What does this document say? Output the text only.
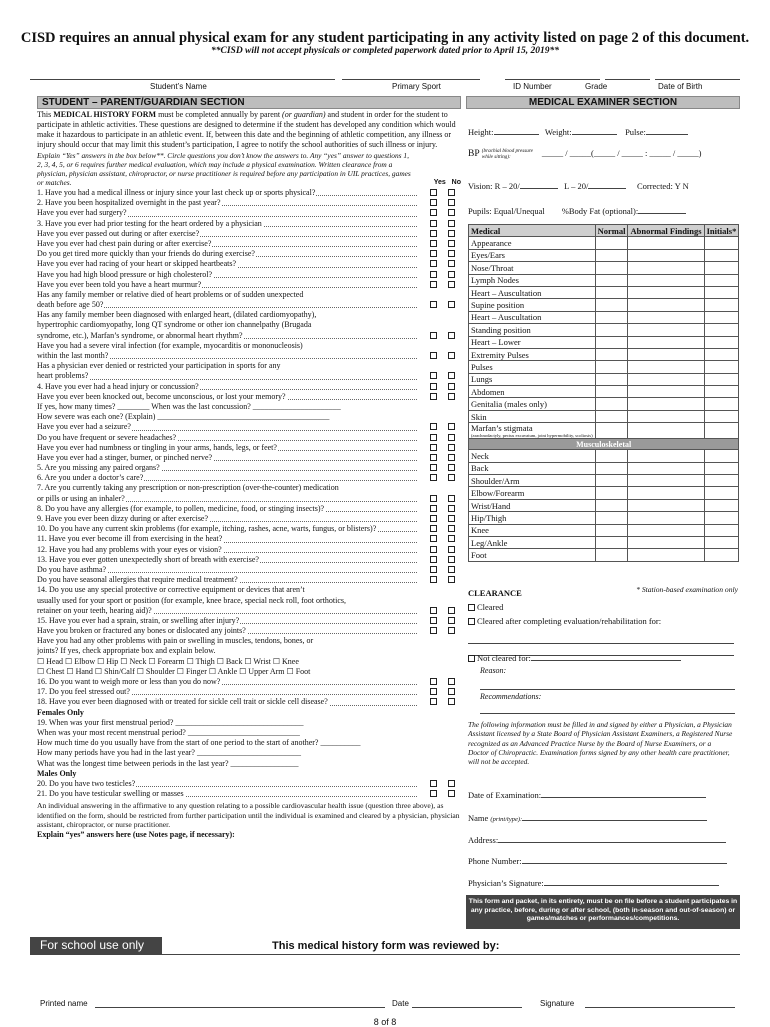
CISD requires an annual physical exam for any student participating in any activity listed on page 2 of this document.
**CISD will not accept physicals or completed paperwork dated prior to April 15, 2019**
Student’s Name	Primary Sport	ID Number	Grade	Date of Birth
STUDENT – PARENT/GUARDIAN SECTION	MEDICAL EXAMINER SECTION

This MEDICAL HISTORY FORM must be completed annually by parent (or guardian) and student in order for the student to participate in athletic activities. These questions are designed to determine if the student has developed any condition which would make it hazardous to participate in an athletic event. If, between this date and the beginning of athletic competition, any illness or injury should occur that may limit this student’s participation, I agree to notify the school authorities of such illness or injury.

Explain “Yes” answers in the box below**. Circle questions you don’t know the answers to. Any “yes” answer to questions 1, 2, 3, 4, 5, or 6 requires further medical evaluation, which may include a physical examination. Written clearance from a physician, physician assistant, chiropractor, or nurse practitioner is required before any participation in UIL practices, games or matches.	Yes No

1. Have you had a medical illness or injury since your last check up or sports physical?
2. Have you been hospitalized overnight in the past year?
Have you ever had surgery?
3. Have you ever had prior testing for the heart ordered by a physician
Have you ever passed out during or after exercise?
Have you ever had chest pain during or after exercise?
Do you get tired more quickly than your friends do during exercise?
Have you ever had racing of your heart or skipped heartbeats?
Have you had high blood pressure or high cholesterol?
Have you ever been told you have a heart murmur?
Has any family member or relative died of heart problems or of sudden unexpected
death before age 50?
Has any family member been diagnosed with enlarged heart, (dilated cardiomyopathy),
hypertrophic cardiomyopathy, long QT syndrome or other ion channelpathy (Brugada
syndrome, etc.), Marfan’s syndrome, or abnormal heart rhythm?
Have you had a severe viral infection (for example, myocarditis or mononucleosis)
within the last month?
Has a physician ever denied or restricted your participation in sports for any
heart problems?
4. Have you ever had a head injury or concussion?
Have you ever been knocked out, become unconscious, or lost your memory?
If yes, how many times? ________ When was the last concussion? ______________________
How severe was each one? (Explain) ___________________________________________
Have you ever had a seizure?
Do you have frequent or severe headaches?
Have you ever had numbness or tingling in your arms, hands, legs, or feet?
Have you ever had a stinger, burner, or pinched nerve?
5. Are you missing any paired organs?
6. Are you under a doctor’s care?
7. Are you currently taking any prescription or non-prescription (over-the-counter) medication
or pills or using an inhaler?
8. Do you have any allergies (for example, to pollen, medicine, food, or stinging insects)?
9. Have you ever been dizzy during or after exercise?
10. Do you have any current skin problems (for example, itching, rashes, acne, warts, fungus, or blisters)?
11. Have you ever become ill from exercising in the heat?
12. Have you had any problems with your eyes or vision?
13. Have you ever gotten unexpectedly short of breath with exercise?
Do you have asthma?
Do you have seasonal allergies that require medical treatment?
14. Do you use any special protective or corrective equipment or devices that aren’t
usually used for your sport or position (for example, knee brace, special neck roll, foot orthotics,
retainer on your teeth, hearing aid)?
15. Have you ever had a sprain, strain, or swelling after injury?
Have you broken or fractured any bones or dislocated any joints?
Have you had any other problems with pain or swelling in muscles, tendons, bones, or
joints? If yes, check appropriate box and explain below.
☐ Head ☐ Elbow ☐ Hip ☐ Neck ☐ Forearm ☐ Thigh ☐ Back ☐ Wrist ☐ Knee
☐ Chest ☐ Hand ☐ Shin/Calf ☐ Shoulder ☐ Finger ☐ Ankle ☐ Upper Arm ☐ Foot
16. Do you want to weigh more or less than you do now?
17. Do you feel stressed out?
18. Have you ever been diagnosed with or treated for sickle cell trait or sickle cell disease?
Females Only
19. When was your first menstrual period? ________________________________
When was your most recent menstrual period? ____________________________
How much time do you usually have from the start of one period to the start of another? __________
How many periods have you had in the last year? __________________________
What was the longest time between periods in the last year? _________________
Males Only
20. Do you have two testicles?
21. Do you have testicular swelling or masses

An individual answering in the affirmative to any question relating to a possible cardiovascular health issue (question three above), as identified on the form, should be restricted from further participation until the individual is examined and cleared by a physician, physician assistant, chiropractor, or nurse practitioner.

Explain “yes” answers here (use Notes page, if necessary):

Height:	Weight:	Pulse:
BP (brachial blood pressure while sitting):	_____ / _____(_____ / _____ : _____ / _____)
Vision: R – 20/	L – 20/	Corrected: Y N
Pupils: Equal/Unequal %Body Fat (optional):
Medical	Normal	Abnormal Findings	Initials*
Appearance			
Eyes/Ears			
Nose/Throat			
Lymph Nodes			
Heart – Auscultation			
Supine position			
Heart – Auscultation			
Standing position			
Heart – Lower			
Extremity Pulses			
Pulses			
Lungs			
Abdomen			
Genitalia (males only)			
Skin			
Marfan’s stigmata
(arachnodactyly, pectus excavatum, joint hypermobility, scoliosis)			

Musculoskeletal			
Neck			
Back			
Shoulder/Arm			
Elbow/Forearm			
Wrist/Hand			
Hip/Thigh			
Knee			
Leg/Ankle			
Foot			
* Station-based examination only
CLEARANCE
Cleared
Cleared after completing evaluation/rehabilitation for:
Not cleared for:
Reason:
Recommendations:
The following information must be filled in and signed by either a Physician, a Physician Assistant licensed by a State Board of Physician Assistant Examiners, a Registered Nurse recognized as an Advanced Practice Nurse by the Board of Nurse Examiners, or a Doctor of Chiropractic. Examination forms signed by any other health care practitioner, will not be accepted.
Date of Examination:
Name (print/type):
Address:
Phone Number:
Physician’s Signature:
This form and packet, in its entirety, must be on file before a student participates in any practice, before, during or after school, (both in-season and out-of-season) or games/matches or performances/competitions.
For school use only	This medical history form was reviewed by:
Printed name	Date	Signature
8 of 8
